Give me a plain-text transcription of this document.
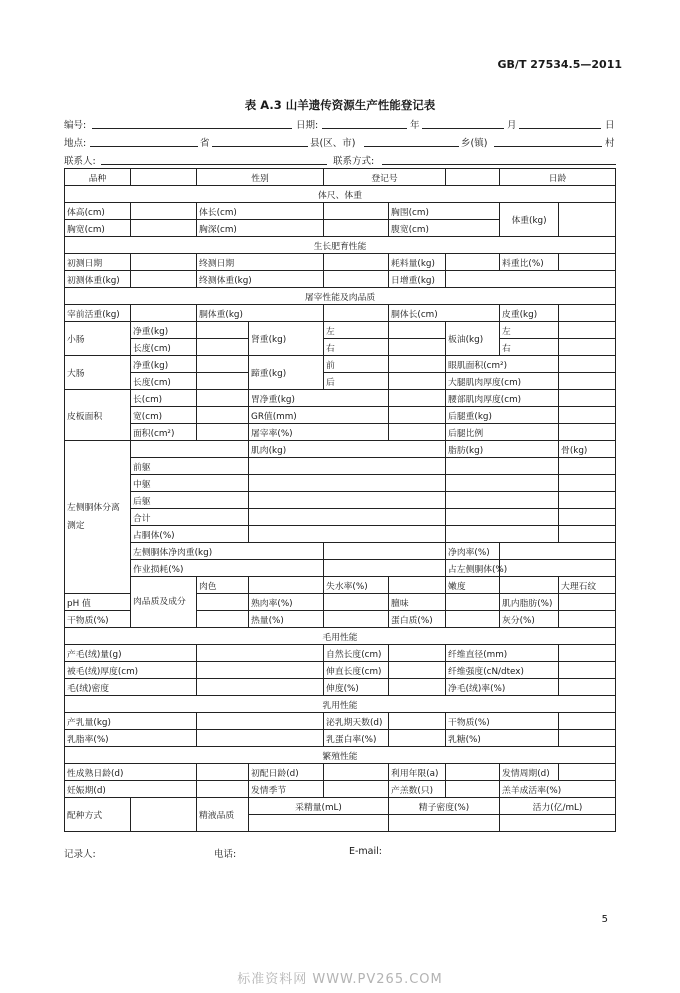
GB/T 27534.5—2011
表 A.3 山羊遗传资源生产性能登记表
编号:	日期:	年	月	日
地点:	省	县(区、市)	乡(镇)	村
联系人:	联系方式:
品种		性别		登记号			日龄		
体尺、体重									
体高(cm)		体长(cm)			胸围(cm)		体重(kg)		
胸宽(cm)		胸深(cm)			腹宽(cm)				
生长肥育性能									
初测日期		终测日期			耗料量(kg)		料重比(%)		
初测体重(kg)		终测体重(kg)			日增重(kg)				
屠宰性能及肉品质									
宰前活重(kg)		胴体重(kg)			胴体长(cm)		皮重(kg)		
小肠	净重(kg)		肾重(kg)	左		板油(kg)	左		
	长度(cm)			右			右		
大肠	净重(kg)		蹄重(kg)	前		眼肌面积(cm²)			
	长度(cm)			后		大腿肌肉厚度(cm)			
皮板面积	长(cm)		胃净重(kg)			腰部肌肉厚度(cm)			
	宽(cm)		GR值(mm)			后腿重(kg)			
	面积(cm²)		屠宰率(%)			后腿比例			
左侧胴体分离测定			肌肉(kg)			脂肪(kg)		骨(kg)	
	前躯								
	中躯								
	后躯								
	合计								
	占胴体(%)								
	左侧胴体净肉重(kg)					净肉率(%)			
	作业损耗(%)					占左侧胴体(%)			
	肉品质及成分	肉色		失水率(%)		嫩度		大理石纹	
pH 值			熟肉率(%)		膻味		肌内脂肪(%)		
干物质(%)			热量(%)		蛋白质(%)		灰分(%)		
毛用性能									
产毛(绒)量(g)				自然长度(cm)		纤维直径(mm)			
被毛(绒)厚度(cm)				伸直长度(cm)		纤维强度(cN/dtex)			
毛(绒)密度				伸度(%)		净毛(绒)率(%)			
乳用性能									
产乳量(kg)				泌乳期天数(d)		干物质(%)			
乳脂率(%)				乳蛋白率(%)		乳糖(%)			
繁殖性能									
性成熟日龄(d)			初配日龄(d)		利用年限(a)		发情周期(d)		
妊娠期(d)			发情季节		产羔数(只)		羔羊成活率(%)		
配种方式		精液品质	采精量(mL)		精子密度(%)		活力(亿/mL)		

记录人:	电话:	E-mail:
5
标准资料网 WWW.PV265.COM
